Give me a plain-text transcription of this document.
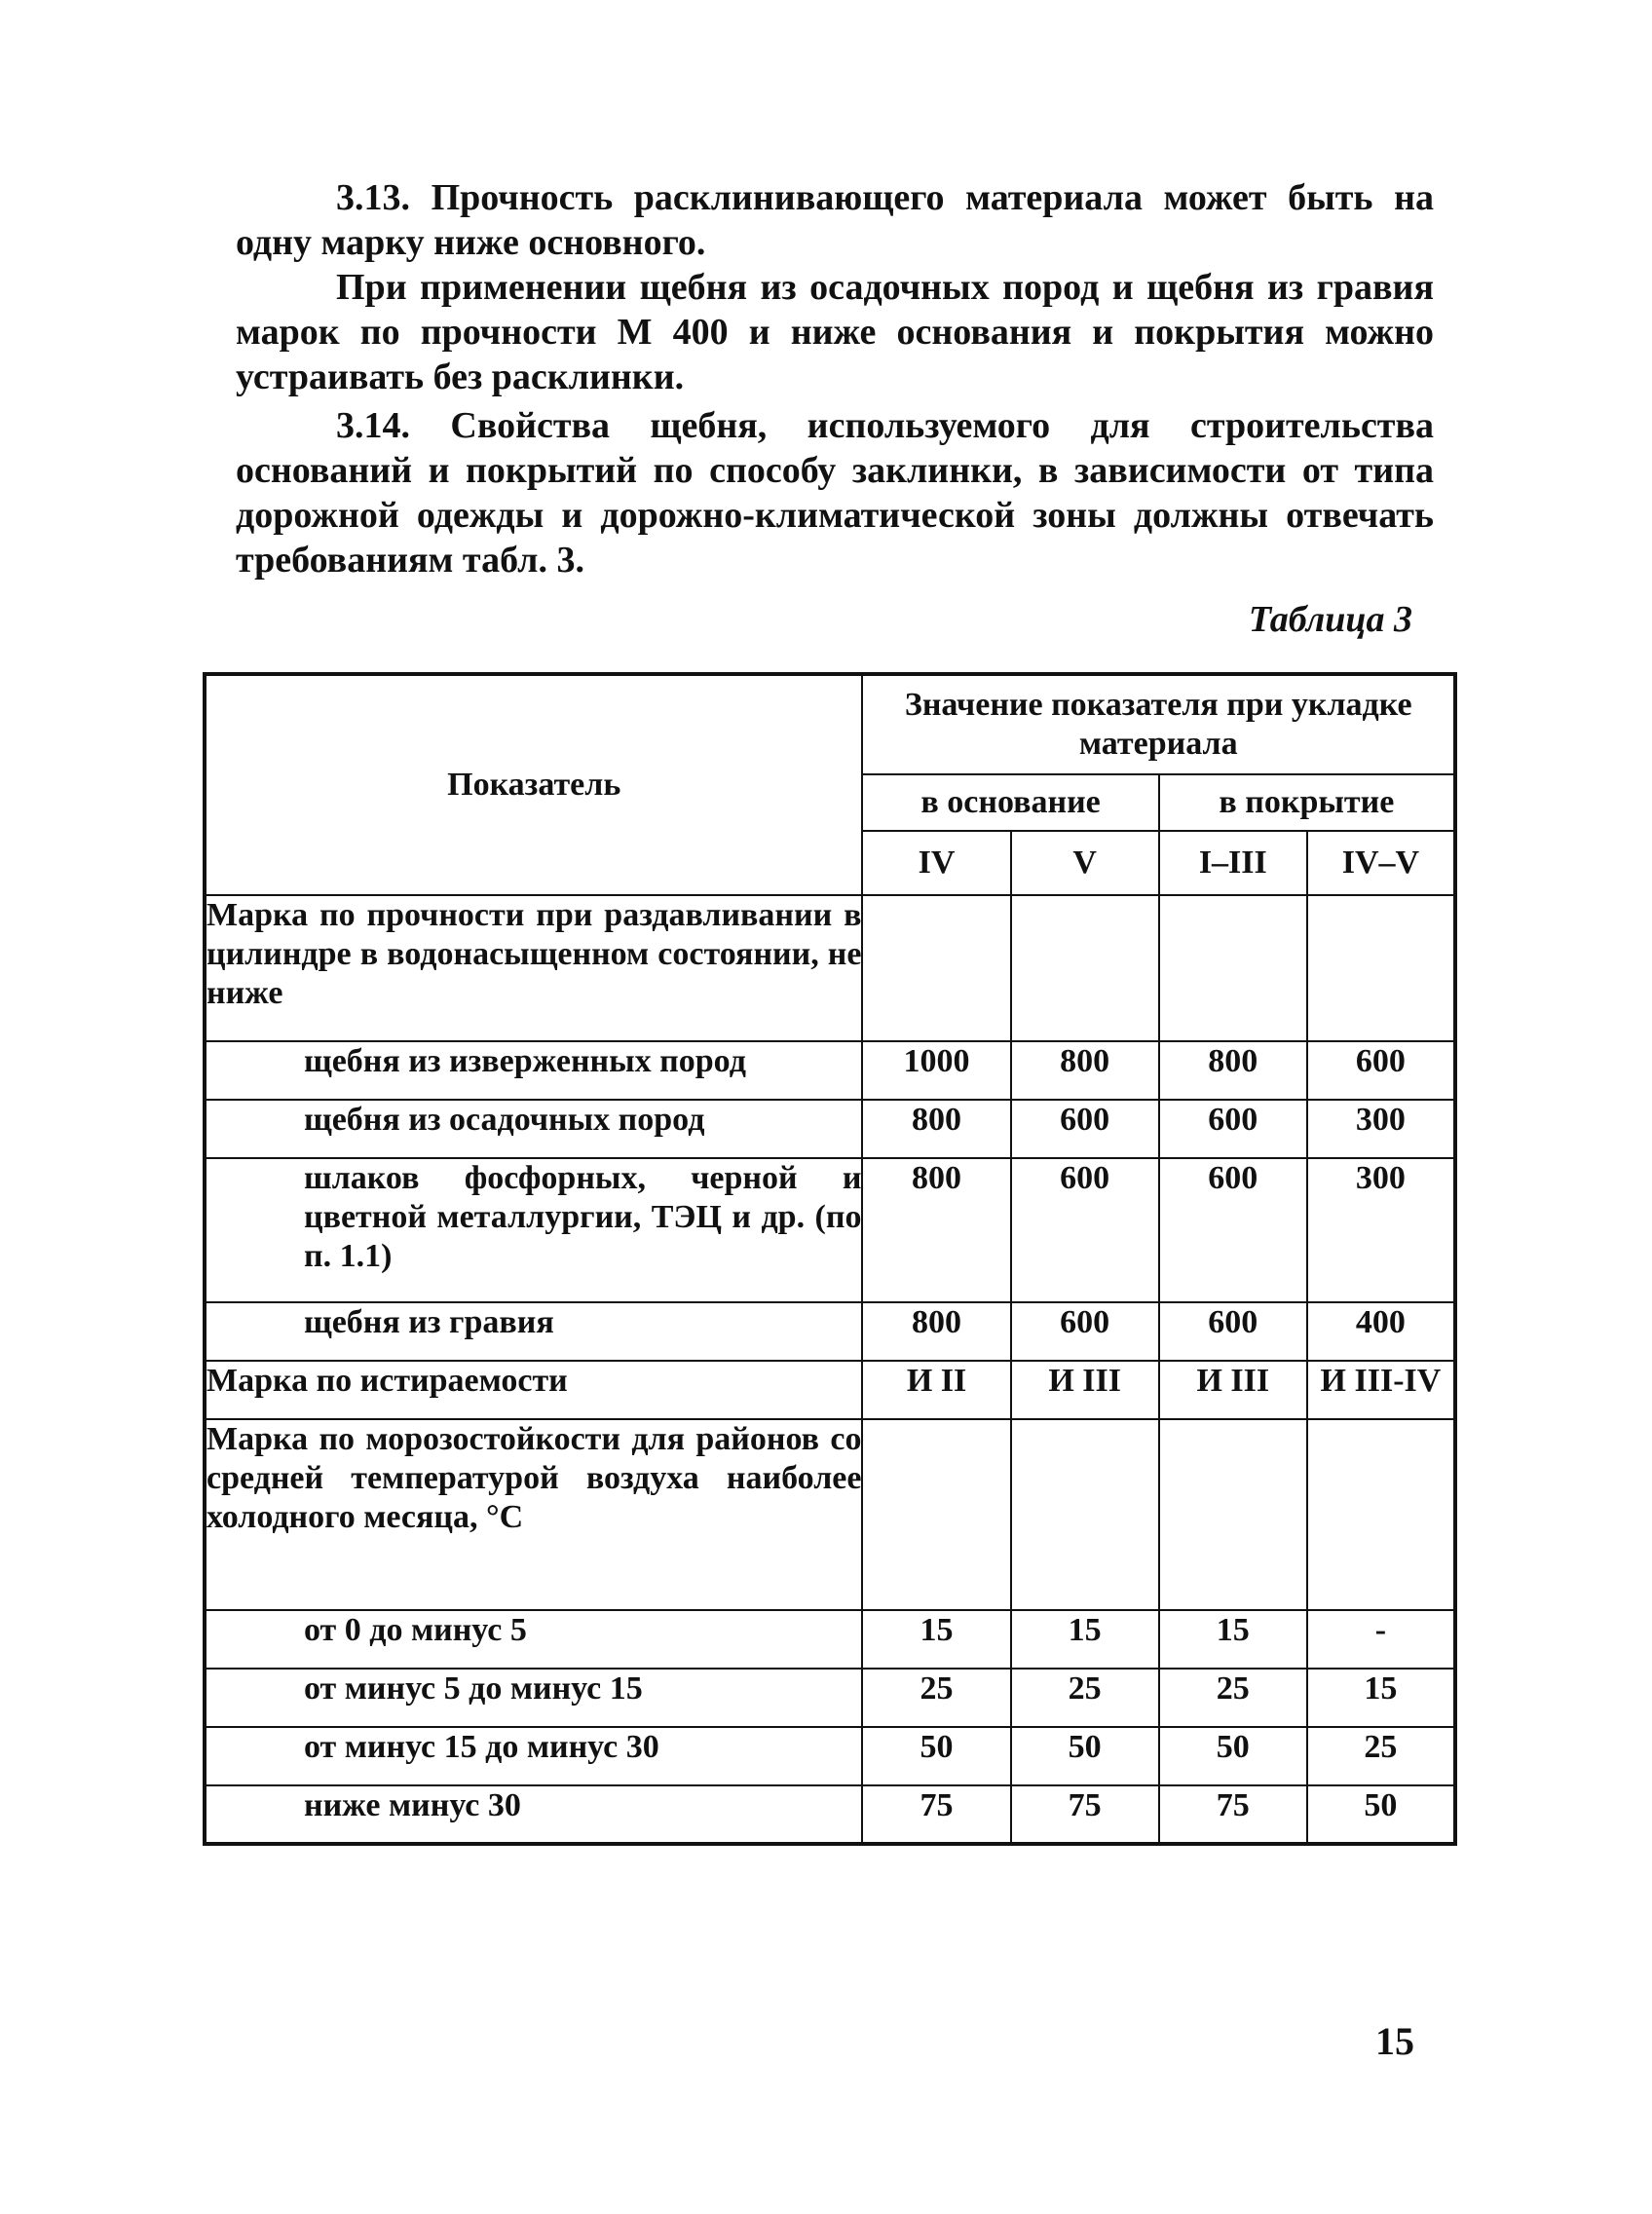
3.13. Прочность расклинивающего материала может быть на одну марку ниже основного.

При применении щебня из осадочных пород и щебня из гравия марок по прочности М 400 и ниже основания и покрытия можно устраивать без расклинки.

3.14. Свойства щебня, используемого для строительства оснований и покрытий по способу заклинки, в зависимости от типа дорожной одежды и дорожно-климатической зоны должны отвечать требованиям табл. 3.

Таблица 3

Показатель	Значение показателя при укладке материала			
	в основание		в покрытие	
	IV	V	I–III	IV–V
Марка по прочности при раздавливании в цилиндре в водонасыщенном состоянии, не ниже				
щебня из изверженных пород	1000	800	800	600
щебня из осадочных пород	800	600	600	300
шлаков фосфорных, черной и цветной металлургии, ТЭЦ и др. (по п. 1.1)	800	600	600	300
щебня из гравия	800	600	600	400
Марка по истираемости	И II	И III	И III	И III-IV
Марка по морозостойкости для районов со средней температурой воздуха наиболее холодного месяца, °С				
от 0 до минус 5	15	15	15	-
от минус 5 до минус 15	25	25	25	15
от минус 15 до минус 30	50	50	50	25
ниже минус 30	75	75	75	50

15
